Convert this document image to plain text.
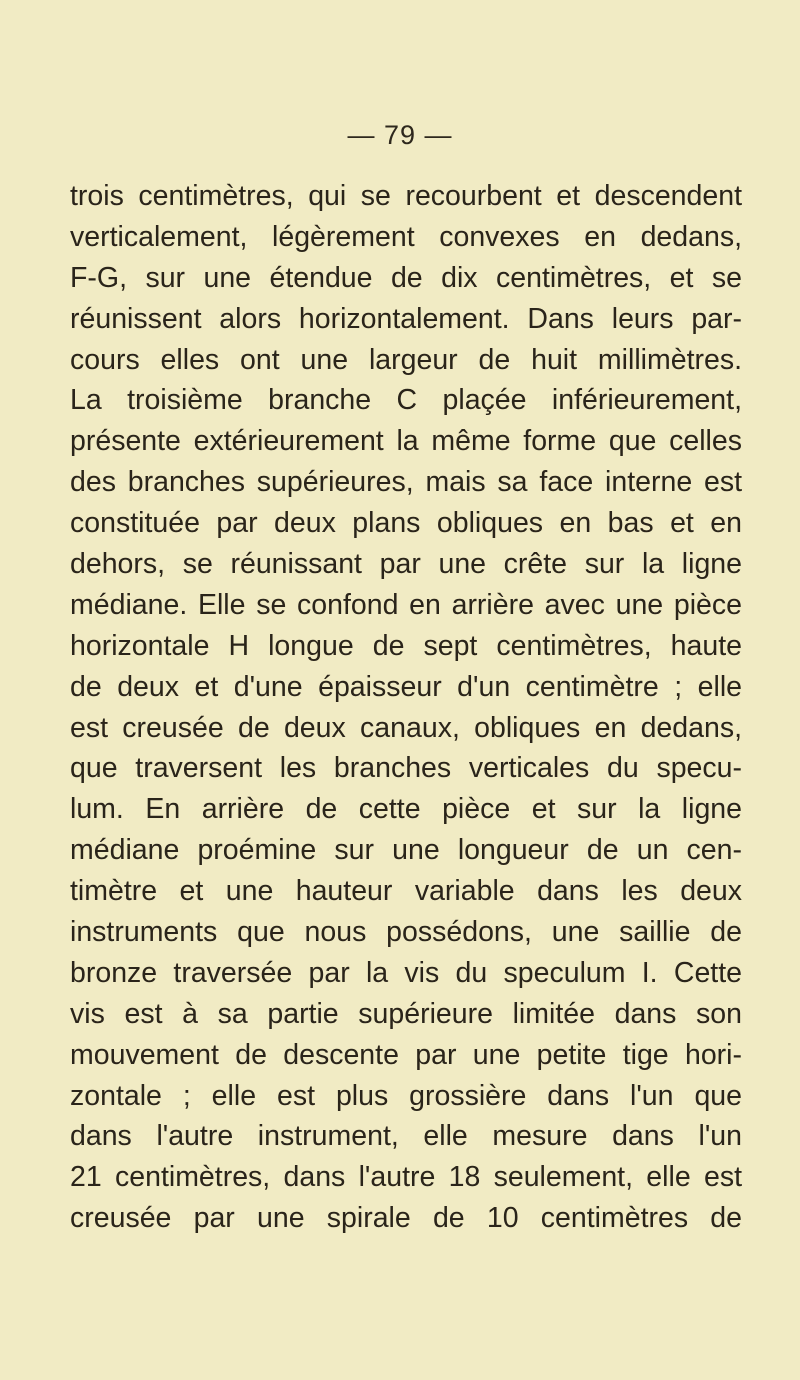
— 79 —
trois centimètres, qui se recourbent et descendent
verticalement, légèrement convexes en dedans,
F-G, sur une étendue de dix centimètres, et se
réunissent alors horizontalement. Dans leurs par-
cours elles ont une largeur de huit millimètres.
La troisième branche C plaçée inférieurement,
présente extérieurement la même forme que celles
des branches supérieures, mais sa face interne est
constituée par deux plans obliques en bas et en
dehors, se réunissant par une crête sur la ligne
médiane. Elle se confond en arrière avec une pièce
horizontale H longue de sept centimètres, haute
de deux et d'une épaisseur d'un centimètre ; elle
est creusée de deux canaux, obliques en dedans,
que traversent les branches verticales du specu-
lum. En arrière de cette pièce et sur la ligne
médiane proémine sur une longueur de un cen-
timètre et une hauteur variable dans les deux
instruments que nous possédons, une saillie de
bronze traversée par la vis du speculum I. Cette
vis est à sa partie supérieure limitée dans son
mouvement de descente par une petite tige hori-
zontale ; elle est plus grossière dans l'un que
dans l'autre instrument, elle mesure dans l'un
21 centimètres, dans l'autre 18 seulement, elle est
creusée par une spirale de 10 centimètres de
